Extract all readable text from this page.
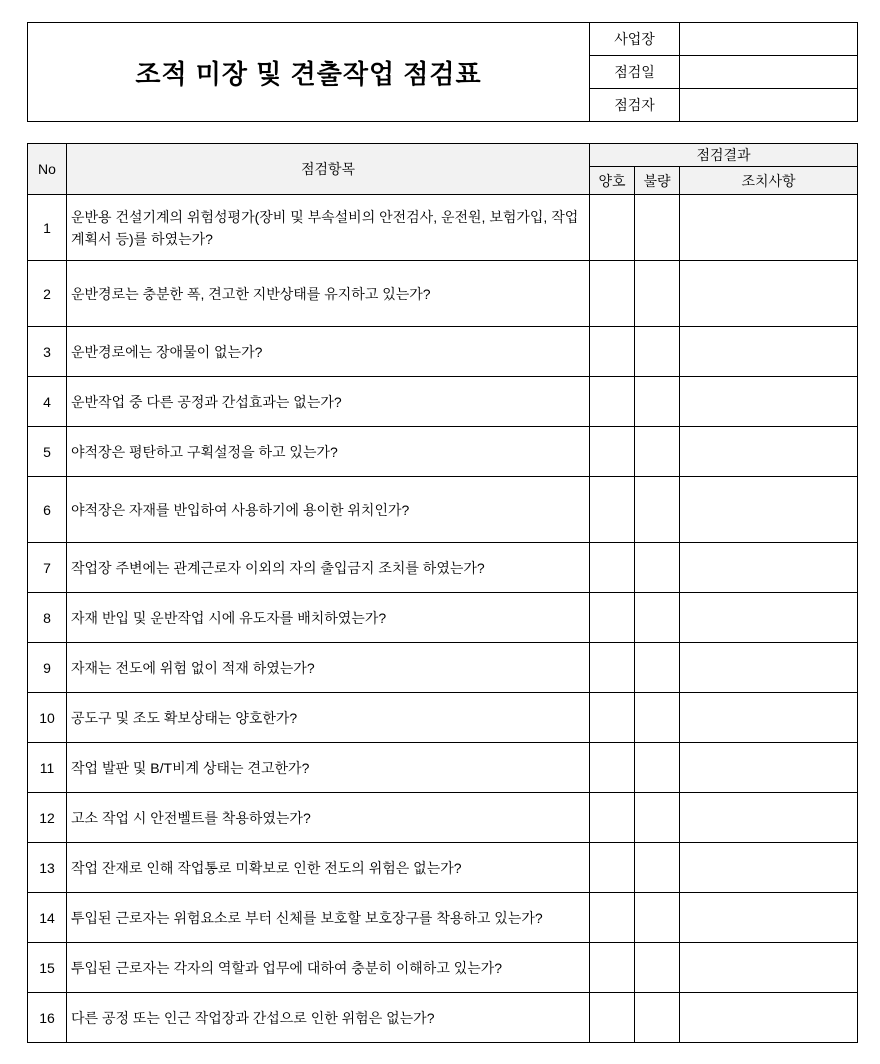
조적 미장 및 견출작업 점검표	사업장	
	점검일	
	점검자	
No	점검항목	점검결과		
		양호	불량	조치사항
1	운반용 건설기계의 위험성평가(장비 및 부속설비의 안전검사, 운전원, 보험가입, 작업계획서 등)를 하였는가?			
2	운반경로는 충분한 폭, 견고한 지반상태를 유지하고 있는가?			
3	운반경로에는 장애물이 없는가?			
4	운반작업 중 다른 공정과 간섭효과는 없는가?			
5	야적장은 평탄하고 구획설정을 하고 있는가?			
6	야적장은 자재를 반입하여 사용하기에 용이한 위치인가?			
7	작업장 주변에는 관계근로자 이외의 자의 출입금지 조치를 하였는가?			
8	자재 반입 및 운반작업 시에 유도자를 배치하였는가?			
9	자재는 전도에 위험 없이 적재 하였는가?			
10	공도구 및 조도 확보상태는 양호한가?			
11	작업 발판 및 B/T비계 상태는 견고한가?			
12	고소 작업 시 안전벨트를 착용하였는가?			
13	작업 잔재로 인해 작업통로 미확보로 인한 전도의 위험은 없는가?			
14	투입된 근로자는 위험요소로 부터 신체를 보호할 보호장구를 착용하고 있는가?			
15	투입된 근로자는 각자의 역할과 업무에 대하여 충분히 이해하고 있는가?			
16	다른 공정 또는 인근 작업장과 간섭으로 인한 위험은 없는가?			
